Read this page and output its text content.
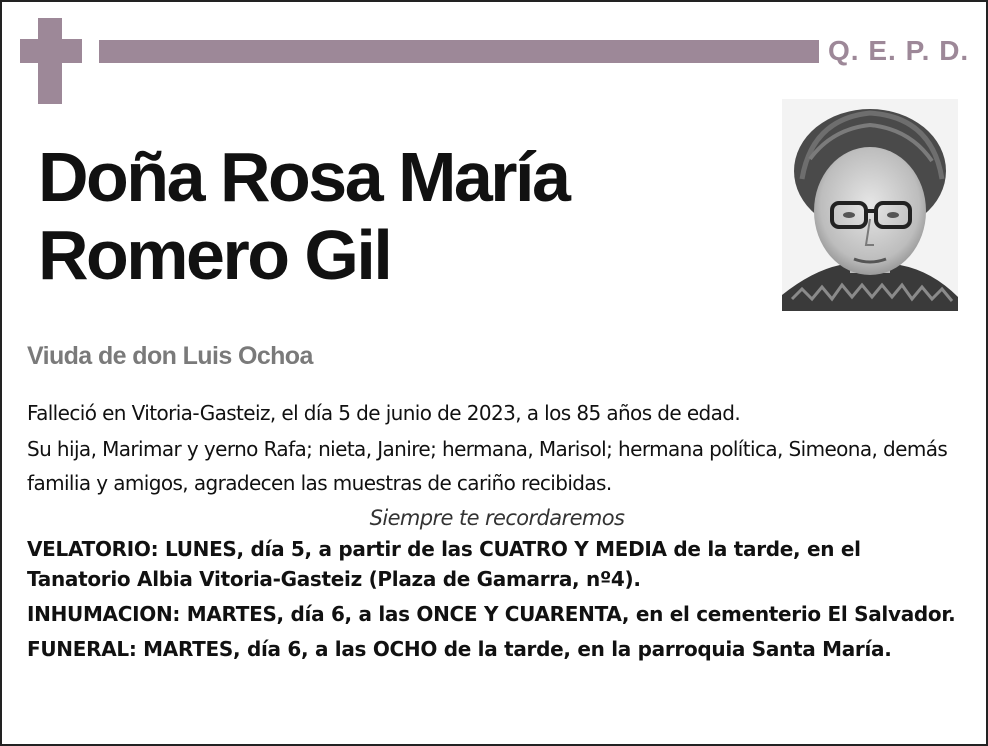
Q. E. P. D.
Doña Rosa María
Romero Gil
Viuda de don Luis Ochoa

Falleció en Vitoria-Gasteiz, el día 5 de junio de 2023, a los 85 años de edad.

Su hija, Marimar y yerno Rafa; nieta, Janire; hermana, Marisol; hermana política, Simeona, demás familia y amigos, agradecen las muestras de cariño recibidas.

Siempre te recordaremos

VELATORIO: LUNES, día 5, a partir de las CUATRO Y MEDIA de la tarde, en el Tanatorio Albia Vitoria-Gasteiz (Plaza de Gamarra, nº4).

INHUMACION: MARTES, día 6, a las ONCE Y CUARENTA, en el cementerio El Salvador.

FUNERAL: MARTES, día 6, a las OCHO de la tarde, en la parroquia Santa María.
